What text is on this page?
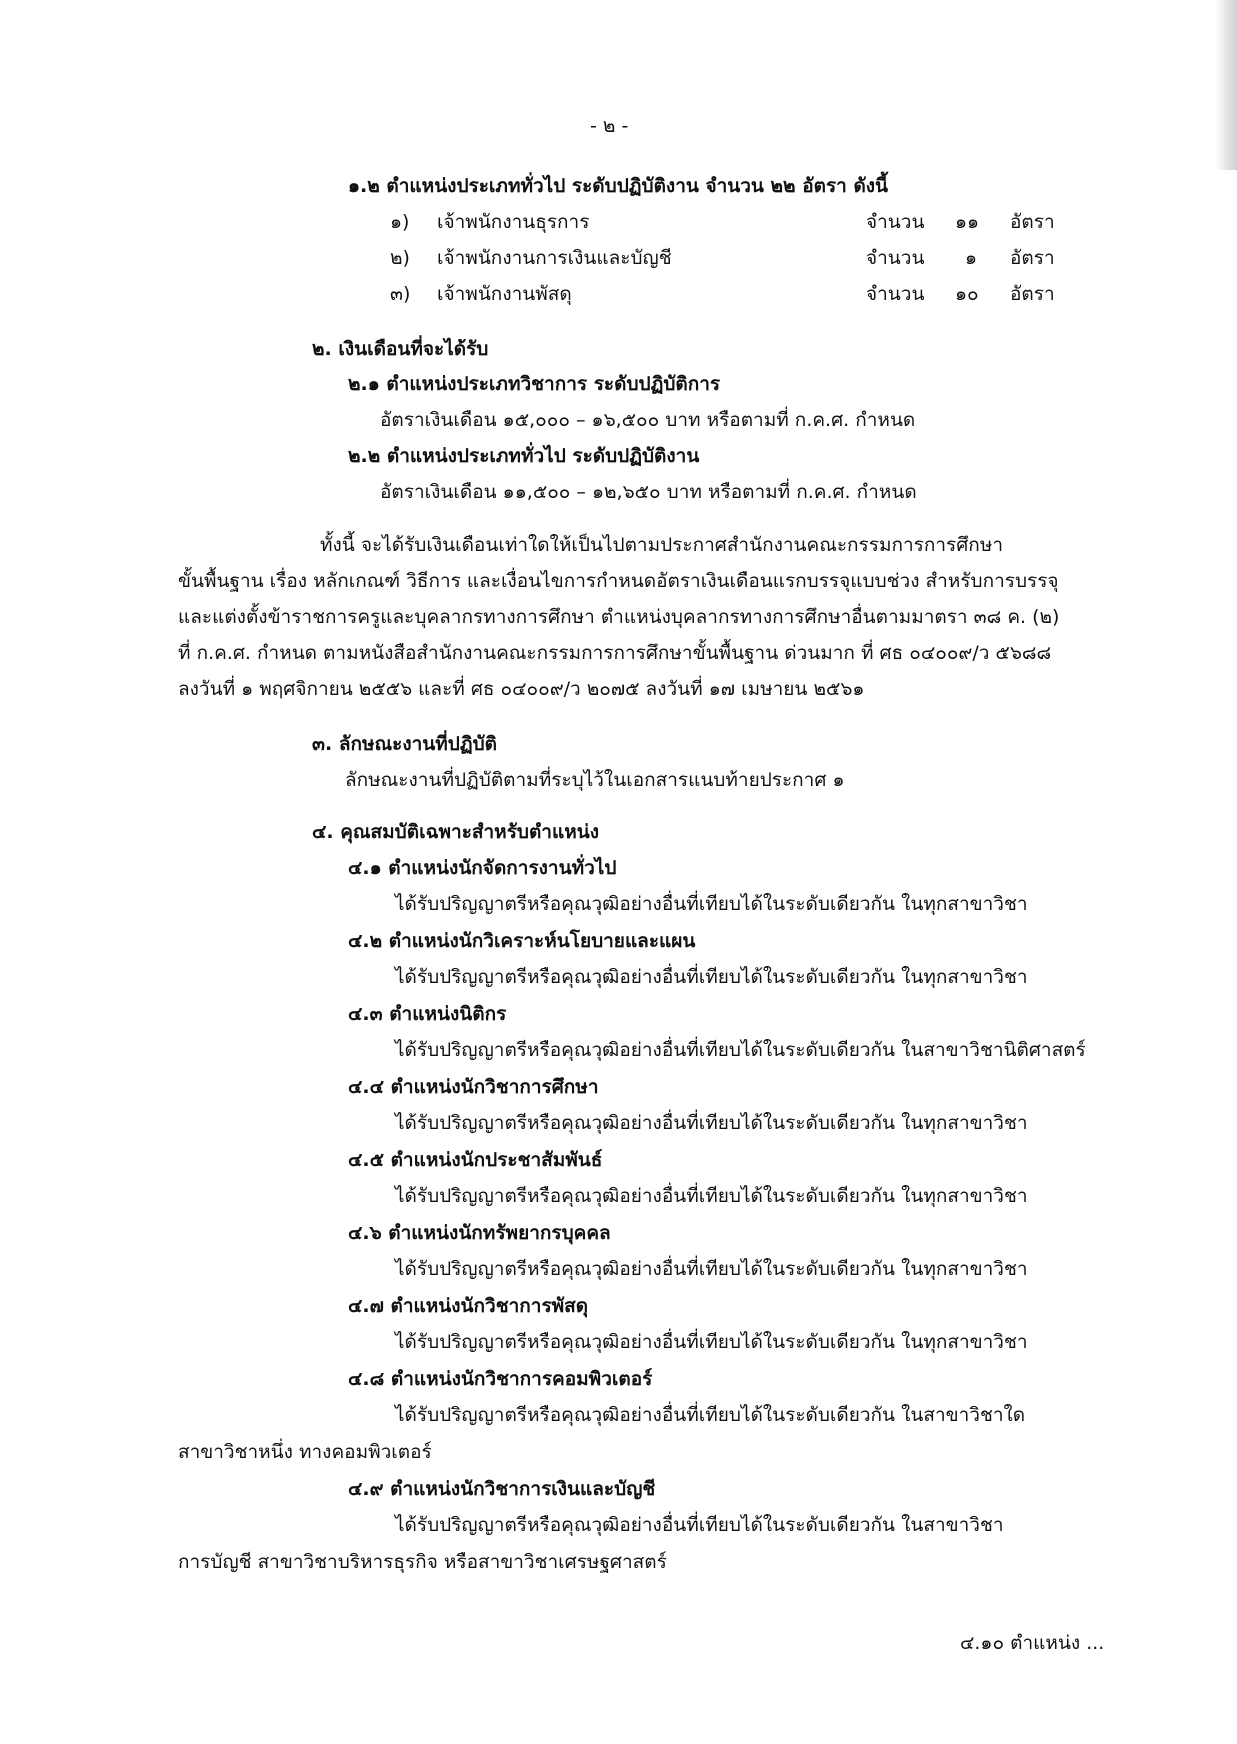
- ๒ -
๑.๒ ตำแหน่งประเภททั่วไป ระดับปฏิบัติงาน จำนวน ๒๒ อัตรา ดังนี้
๑) เจ้าพนักงานธุรการ	จำนวน ๑๑ อัตรา
๒) เจ้าพนักงานการเงินและบัญชี	จำนวน ๑ อัตรา
๓) เจ้าพนักงานพัสดุ	จำนวน ๑๐ อัตรา
๒. เงินเดือนที่จะได้รับ
๒.๑ ตำแหน่งประเภทวิชาการ ระดับปฏิบัติการ
อัตราเงินเดือน ๑๕,๐๐๐ – ๑๖,๕๐๐ บาท หรือตามที่ ก.ค.ศ. กำหนด
๒.๒ ตำแหน่งประเภททั่วไป ระดับปฏิบัติงาน
อัตราเงินเดือน ๑๑,๕๐๐ – ๑๒,๖๕๐ บาท หรือตามที่ ก.ค.ศ. กำหนด
ทั้งนี้ จะได้รับเงินเดือนเท่าใดให้เป็นไปตามประกาศสำนักงานคณะกรรมการการศึกษา
ขั้นพื้นฐาน เรื่อง หลักเกณฑ์ วิธีการ และเงื่อนไขการกำหนดอัตราเงินเดือนแรกบรรจุแบบช่วง สำหรับการบรรจุ
และแต่งตั้งข้าราชการครูและบุคลากรทางการศึกษา ตำแหน่งบุคลากรทางการศึกษาอื่นตามมาตรา ๓๘ ค. (๒)
ที่ ก.ค.ศ. กำหนด ตามหนังสือสำนักงานคณะกรรมการการศึกษาขั้นพื้นฐาน ด่วนมาก ที่ ศธ ๐๔๐๐๙/ว ๕๖๘๘
ลงวันที่ ๑ พฤศจิกายน ๒๕๕๖ และที่ ศธ ๐๔๐๐๙/ว ๒๐๗๕ ลงวันที่ ๑๗ เมษายน ๒๕๖๑
๓. ลักษณะงานที่ปฏิบัติ
ลักษณะงานที่ปฏิบัติตามที่ระบุไว้ในเอกสารแนบท้ายประกาศ ๑
๔. คุณสมบัติเฉพาะสำหรับตำแหน่ง
๔.๑ ตำแหน่งนักจัดการงานทั่วไป
ได้รับปริญญาตรีหรือคุณวุฒิอย่างอื่นที่เทียบได้ในระดับเดียวกัน ในทุกสาขาวิชา
๔.๒ ตำแหน่งนักวิเคราะห์นโยบายและแผน
ได้รับปริญญาตรีหรือคุณวุฒิอย่างอื่นที่เทียบได้ในระดับเดียวกัน ในทุกสาขาวิชา
๔.๓ ตำแหน่งนิติกร
ได้รับปริญญาตรีหรือคุณวุฒิอย่างอื่นที่เทียบได้ในระดับเดียวกัน ในสาขาวิชานิติศาสตร์
๔.๔ ตำแหน่งนักวิชาการศึกษา
ได้รับปริญญาตรีหรือคุณวุฒิอย่างอื่นที่เทียบได้ในระดับเดียวกัน ในทุกสาขาวิชา
๔.๕ ตำแหน่งนักประชาสัมพันธ์
ได้รับปริญญาตรีหรือคุณวุฒิอย่างอื่นที่เทียบได้ในระดับเดียวกัน ในทุกสาขาวิชา
๔.๖ ตำแหน่งนักทรัพยากรบุคคล
ได้รับปริญญาตรีหรือคุณวุฒิอย่างอื่นที่เทียบได้ในระดับเดียวกัน ในทุกสาขาวิชา
๔.๗ ตำแหน่งนักวิชาการพัสดุ
ได้รับปริญญาตรีหรือคุณวุฒิอย่างอื่นที่เทียบได้ในระดับเดียวกัน ในทุกสาขาวิชา
๔.๘ ตำแหน่งนักวิชาการคอมพิวเตอร์
ได้รับปริญญาตรีหรือคุณวุฒิอย่างอื่นที่เทียบได้ในระดับเดียวกัน ในสาขาวิชาใด
สาขาวิชาหนึ่ง ทางคอมพิวเตอร์
๔.๙ ตำแหน่งนักวิชาการเงินและบัญชี
ได้รับปริญญาตรีหรือคุณวุฒิอย่างอื่นที่เทียบได้ในระดับเดียวกัน ในสาขาวิชา
การบัญชี สาขาวิชาบริหารธุรกิจ หรือสาขาวิชาเศรษฐศาสตร์
๔.๑๐ ตำแหน่ง ...
